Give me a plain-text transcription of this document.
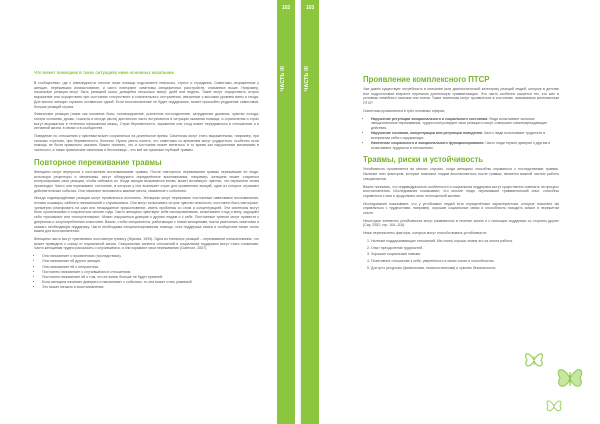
102
ЧАСТЬ III
Что может помощник в таких ситуациях ниже основных начальник

В сообществах, где к инвалидности относят ниже помощи подсчитаете невысоко, стресс и страдания. Симптомы, выраженные у женщин, переживших изнасилование, и часто повторяют симптомы специфичных расстройств, описанных выше. Например, начальные реакции могут быть реакцией шока, длящейся несколько минут, дней или недель. Такие могут осуществить острое выражение или осуществить при состоянии «отсутствия» и сознательного отстранения, связанные с высоким уровнем вины и стыда. Для многих женщин страшно оставаться одной. Если восстановление не будет поддержано, может произойти ухудшение симптомов, больше реакций страха.

Физические реакции (такие как головные боли, головокружение, усиленное потоотделение, затруднение дыхания, чувство холода, потеря сознания, дрожь, тошнота и иногда рвота) достаточно часто встречаются в ситуации оказания помощи, а ограничения и страх могут выражаться в телесном напряжении мышц. Страх беременности, заражения или стыд может передаваться в отношениях и в интимной жизни, в семье и в сообществе.

Поведение по отношению к чувствам может сохраняться на длительное время. Симптомы могут стать выраженными, например, при сильных стрессах, при беременности, болезни. Нужно уметь понять, что симптомы со временем могут ухудшиться, особенно если помощь не была правильно оказана. Важно помнить, что и состояние может меняться, в то время как нарушенные механизмы в частности, а также физические симптомы и бессонница – это всё же признаки глубокой травмы.

Повторное переживание травмы

Женщины могут вернуться к постоянным воспоминаниям травмы. После повторного переживания травмы пережившие ее люди, используя рецепторы и механизмы, могут обнаружить определённые воспоминания, например, женщина может стараться контролировать свои реакции, чтобы избежать их. Когда эмоции вызываются вновь, может возникнуть чувство, что пережитое снова происходит. Часто они переживают состояние, в котором у них возникает страх для проявления эмоций, одни из которых отражают действительные события. Они начинают вспоминать важные места, связанные с событием.

Иногда подтверждённые реакции могут проявляться постоянно. Женщины могут переживать постоянные навязчивые воспоминания, ночные кошмары, избегать напоминаний о случившемся. Они могут испытывать острое чувство опасности, постоянно быть настороже, чрезмерно реагировать на шум или неожиданное прикосновение, иметь проблемы со сном и концентрацией. Эти симптомы могут быть хроническими и сохраняться многие годы. Часто женщины чувствуют себя изолированными, испытывают стыд и вину, ощущают себя «грязными» или «испорченными». Может нарушиться доверие к другим людям и к себе. Постоянные тревоги могут привести к депрессии и злоупотреблению алкоголем. Важно, чтобы специалисты, работающие с этими женщинами, могли распознать симптомы и оказать необходимую поддержку. Часто необходима специализированная помощь, хотя поддержка семьи и сообщества также очень важна для восстановления.

Женщины часто могут чувствовать постоянную тревогу (Жукова, 1993). Одна из типичных реакций – переживание изнасилования, что может приводить к отказу от нормальной жизни. Сексуальные аспекты отношений и социальная поддержка могут стать сложными. Часто женщинам трудно рассказать о случившемся, и они скрывают свои переживания (Смитсон, 2007).

• Она напоминает о проявлениях (последствиях).
• Она напоминает ей других женщин.
• Она напоминает ей о неприятном.
• Постоянно напоминает о случившемся в отношениях.
• Постоянно напоминает ей о том, что ее жизнь больше не будет прежней.
• Если женщина начинает доверять и напоминает о событиях, то она может стать уязвимой.
• Это может мешать в восстановлении.
103
ЧАСТЬ III	Проявление комплексного ПТСР

Уже давно существует потребность в описании (или диагностической категории) реакций людей, которые в детстве или подростковом возрасте пережили длительную травматизацию. Это часто особенно касается тех, кто жил в условиях семейного насилия или плена. Такие симптомы могут проявляться в состоянии, называемом комплексным ПТСР.

Симптомы проявляются в трёх основных сферах:

• Нарушение регуляции эмоционального и социального состояния. Люди испытывают сильные эмоциональные переживания, трудно контролируют свои реакции и могут совершать самоповреждающие действия.
• Нарушение сознания, концентрации или регуляции поведения. Часто люди испытывают трудности в восприятии себя и окружающих.
• Изменение социального и эмоционального функционирования. Часто люди теряют доверие к другим и испытывают трудности в отношениях.
Травмы, риски и устойчивость

Устойчивость проявляется во многих случаях, когда женщины способны справиться с последствиями травмы. Наличие этих факторов, которые помогают людям восстановиться после травмы, является важной частью работы специалистов.

Важно понимать, что индивидуальные особенности и социальная поддержка могут существенно повлиять на процесс восстановления. Исследования показывают, что многие люди, пережившие травматический опыт, способны справиться с ним и продолжать жить полноценной жизнью.

Исследования показывают, что у устойчивых людей есть определённые характеристики, которые помогают им справляться с трудностями, например, хорошие социальные связи и способность находить смысл в пережитом опыте.

Некоторые элементы устойчивости могут развиваться в течение жизни и с помощью поддержки со стороны других (Сиу, 2002; стр. 104–118).

Ниже перечислены факторы, которые могут способствовать устойчивости:

1. Наличие поддерживающих отношений. Мы очень хорошо знаем это из опыта работы.
2. Опыт преодоления трудностей.
3. Хорошие социальные навыки.
4. Позитивное отношение к себе, уверенность в своих силах и способностях.
5. Доступ к ресурсам (физическим, психологическим) и чувство безопасности.
